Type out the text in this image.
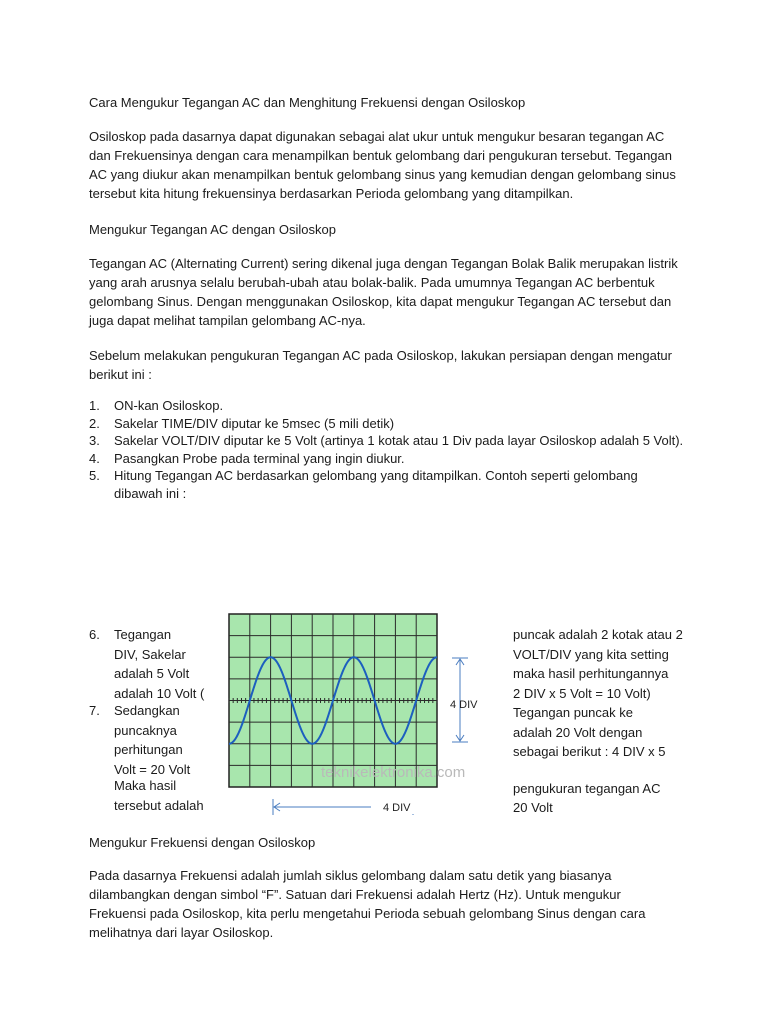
Cara Mengukur Tegangan AC dan Menghitung Frekuensi dengan Osiloskop

Osiloskop pada dasarnya dapat digunakan sebagai alat ukur untuk mengukur besaran tegangan AC dan Frekuensinya dengan cara menampilkan bentuk gelombang dari pengukuran tersebut. Tegangan AC yang diukur akan menampilkan bentuk gelombang sinus yang kemudian dengan gelombang sinus tersebut kita hitung frekuensinya berdasarkan Perioda gelombang yang ditampilkan.

Mengukur Tegangan AC dengan Osiloskop

Tegangan AC (Alternating Current) sering dikenal juga dengan Tegangan Bolak Balik merupakan listrik yang arah arusnya selalu berubah-ubah atau bolak-balik. Pada umumnya Tegangan AC berbentuk gelombang Sinus. Dengan menggunakan Osiloskop, kita dapat mengukur Tegangan AC tersebut dan juga dapat melihat tampilan gelombang AC-nya.

Sebelum melakukan pengukuran Tegangan AC pada Osiloskop, lakukan persiapan dengan mengatur berikut ini :

1. ON-kan Osiloskop.
2. Sakelar TIME/DIV diputar ke 5msec (5 mili detik)
3. Sakelar VOLT/DIV diputar ke 5 Volt (artinya 1 kotak atau 1 Div pada layar Osiloskop adalah 5 Volt).
4. Pasangkan Probe pada terminal yang ingin diukur.
5. Hitung Tegangan AC berdasarkan gelombang yang ditampilkan. Contoh seperti gelombang dibawah ini :
6. Tegangan
DIV, Sakelar
adalah 5 Volt
adalah 10 Volt (
7. Sedangkan
puncaknya
perhitungan
Volt = 20 Volt
Maka hasil
tersebut adalah
puncak adalah 2 kotak atau 2
VOLT/DIV yang kita setting
maka hasil perhitungannya
2 DIV x 5 Volt = 10 Volt)
Tegangan puncak ke
adalah 20 Volt dengan
sebagai berikut : 4 DIV x 5
pengukuran tegangan AC
20 Volt
4 DIV
4 DIV
teknikelektronika.com

Mengukur Frekuensi dengan Osiloskop

Pada dasarnya Frekuensi adalah jumlah siklus gelombang dalam satu detik yang biasanya dilambangkan dengan simbol “F”. Satuan dari Frekuensi adalah Hertz (Hz). Untuk mengukur Frekuensi pada Osiloskop, kita perlu mengetahui Perioda sebuah gelombang Sinus dengan cara melihatnya dari layar Osiloskop.
